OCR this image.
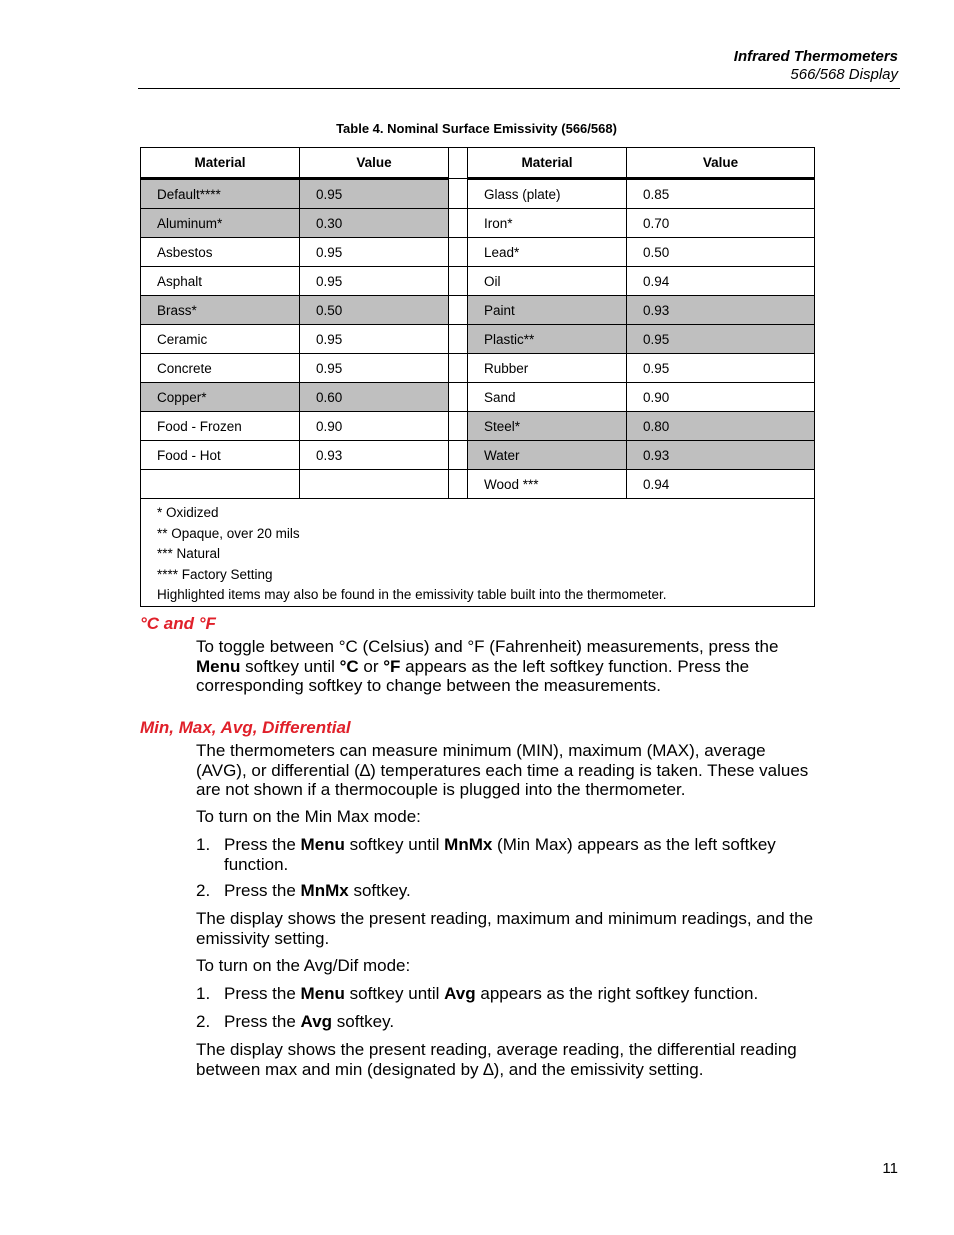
Infrared Thermometers
566/568 Display
Table 4. Nominal Surface Emissivity (566/568)
Material	Value		Material	Value
Default****	0.95		Glass (plate)	0.85
Aluminum*	0.30		Iron*	0.70
Asbestos	0.95		Lead*	0.50
Asphalt	0.95		Oil	0.94
Brass*	0.50		Paint	0.93
Ceramic	0.95		Plastic**	0.95
Concrete	0.95		Rubber	0.95
Copper*	0.60		Sand	0.90
Food - Frozen	0.90		Steel*	0.80
Food - Hot	0.93		Water	0.93
			Wood ***	0.94

* Oxidized
** Opaque, over 20 mils
*** Natural
**** Factory Setting
Highlighted items may also be found in the emissivity table built into the thermometer.				
°C and °F
To toggle between °C (Celsius) and °F (Fahrenheit) measurements, press the Menu softkey until °C or °F appears as the left softkey function. Press the corresponding softkey to change between the measurements.
Min, Max, Avg, Differential
The thermometers can measure minimum (MIN), maximum (MAX), average (AVG), or differential (∆) temperatures each time a reading is taken. These values are not shown if a thermocouple is plugged into the thermometer.
To turn on the Min Max mode:
1. Press the Menu softkey until MnMx (Min Max) appears as the left softkey function.
2. Press the MnMx softkey.
The display shows the present reading, maximum and minimum readings, and the emissivity setting.
To turn on the Avg/Dif mode:
1. Press the Menu softkey until Avg appears as the right softkey function.
2. Press the Avg softkey.
The display shows the present reading, average reading, the differential reading between max and min (designated by ∆), and the emissivity setting.
11
